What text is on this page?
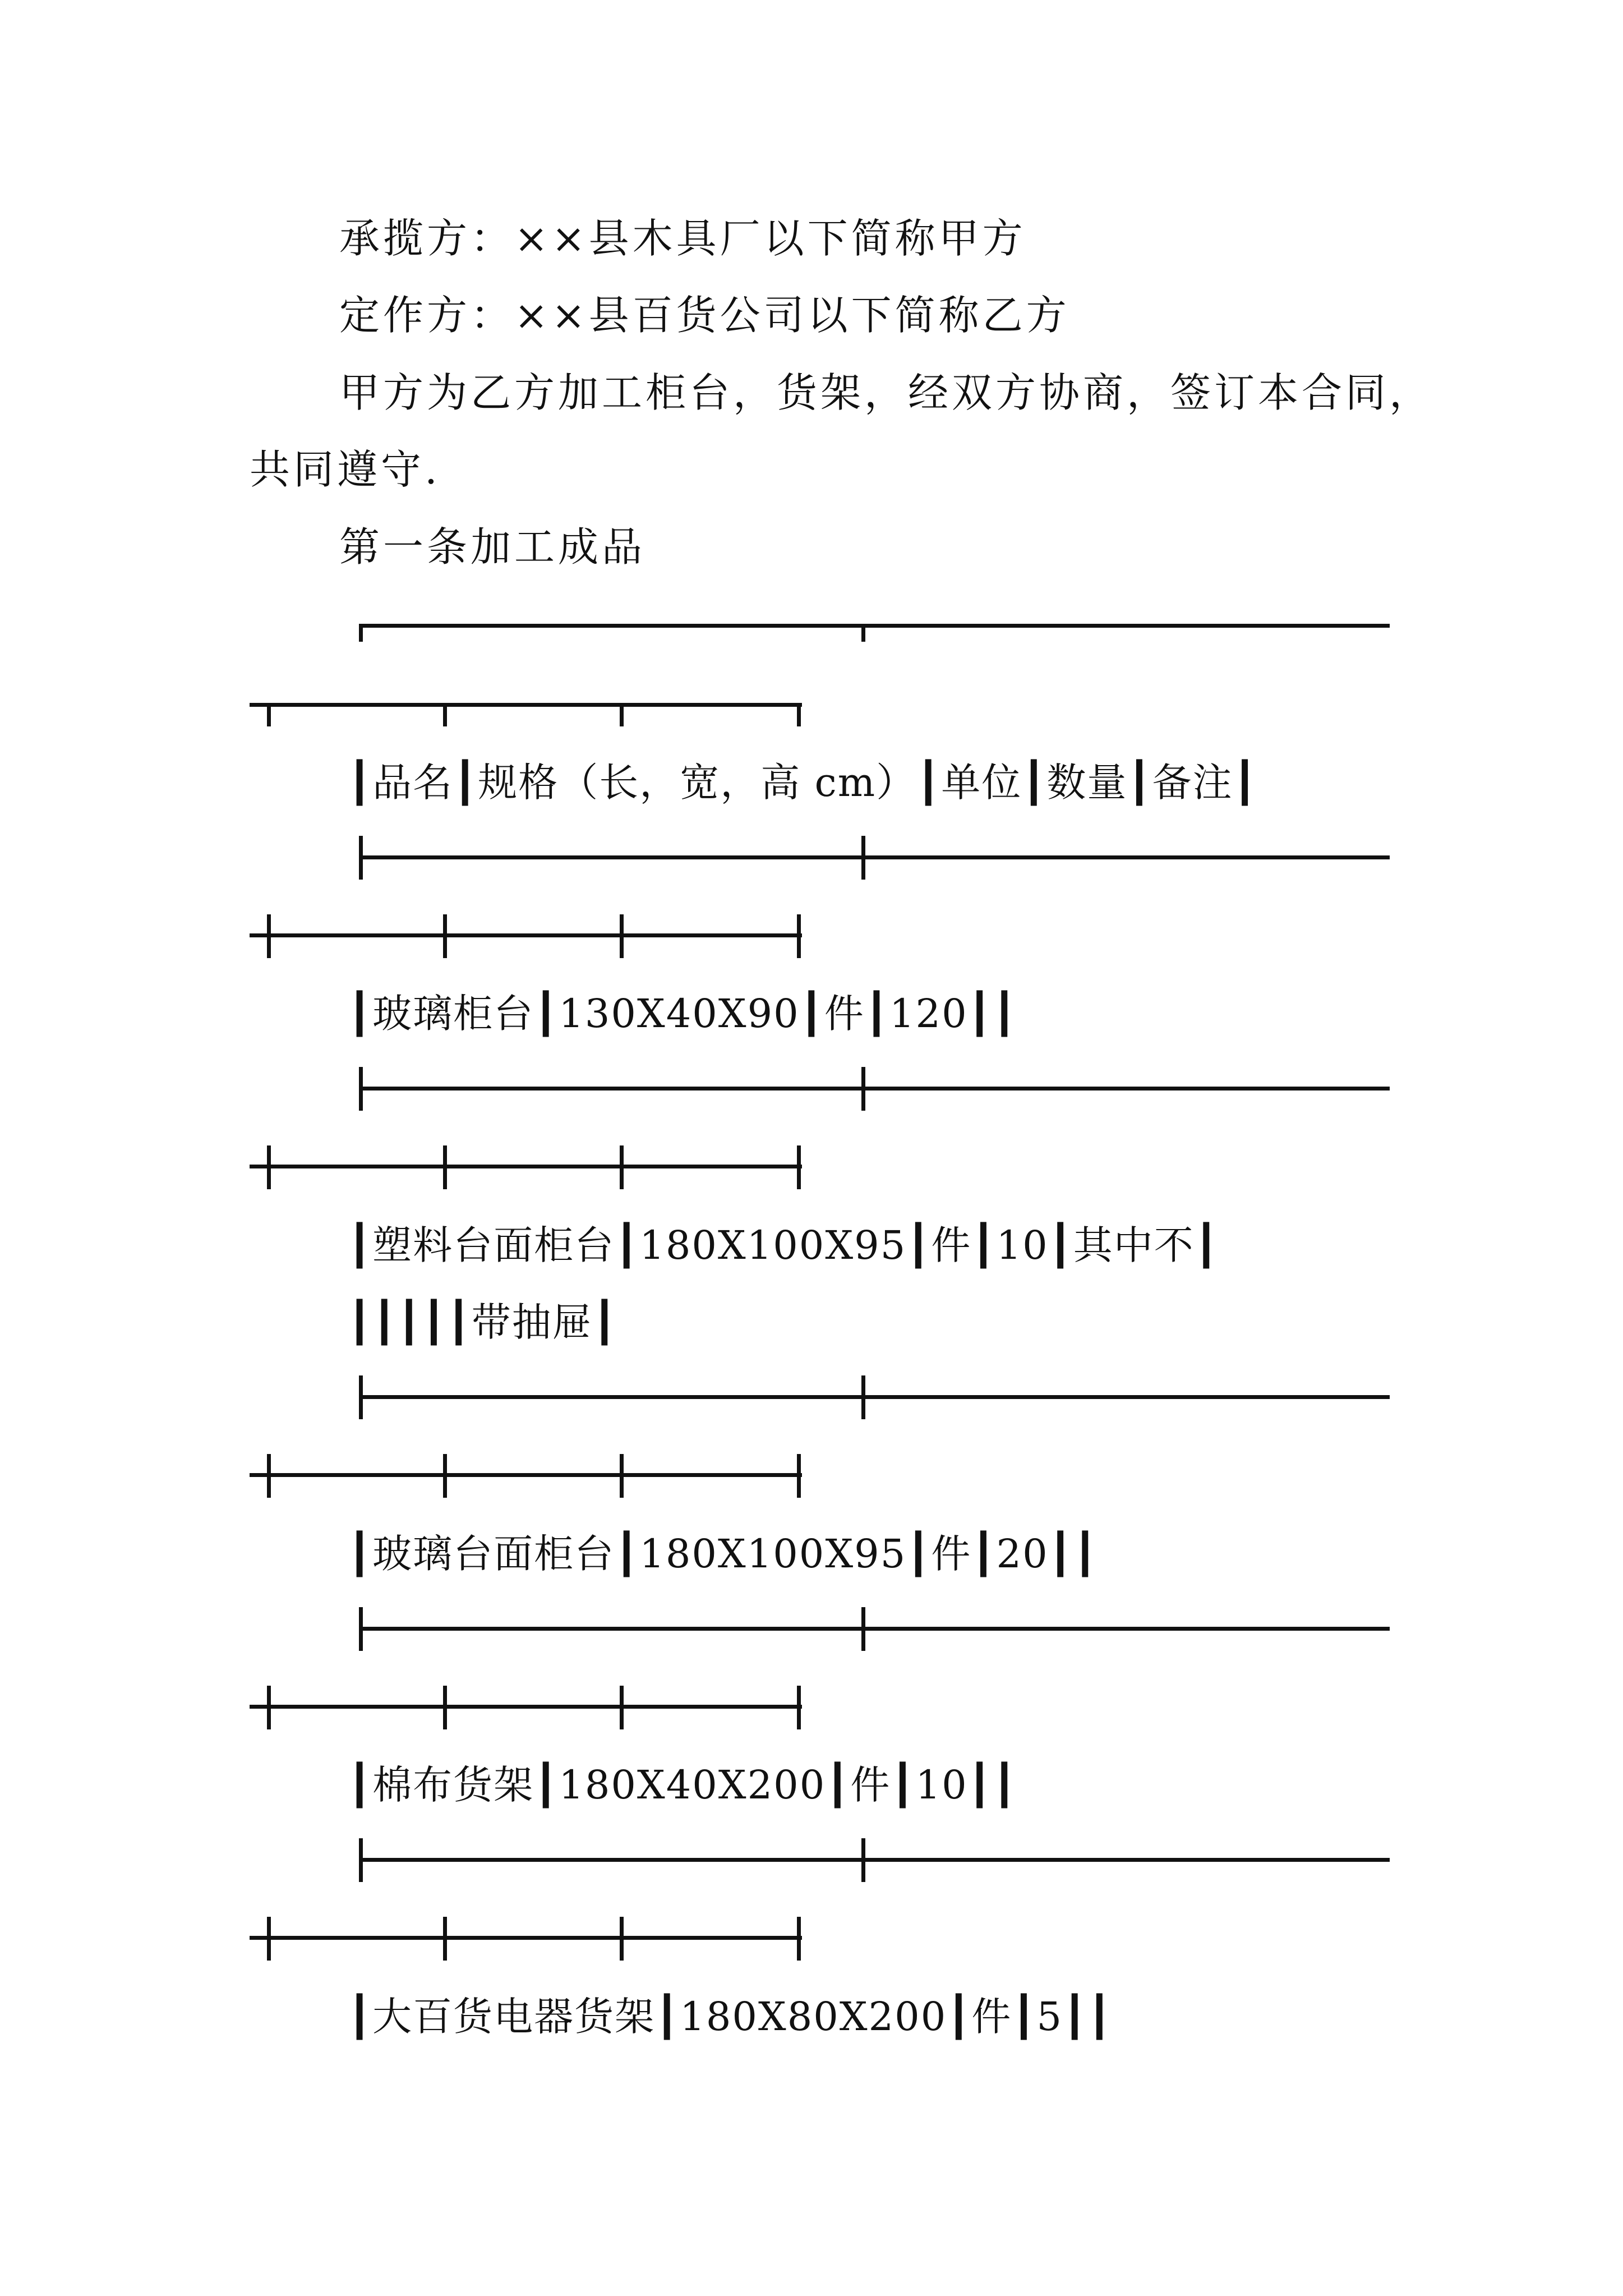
承揽方：××县木具厂以下简称甲方
定作方：××县百货公司以下简称乙方
甲方为乙方加工柜台，货架，经双方协商，签订本合同，
共同遵守.
第一条加工成品
┃品名┃规格（长，宽，高 cm）┃单位┃数量┃备注┃
┃玻璃柜台┃130X40X90┃件┃120┃┃
┃塑料台面柜台┃180X100X95┃件┃10┃其中不┃
┃┃┃┃┃带抽屉┃
┃玻璃台面柜台┃180X100X95┃件┃20┃┃
┃棉布货架┃180X40X200┃件┃10┃┃
┃大百货电器货架┃180X80X200┃件┃5┃┃
